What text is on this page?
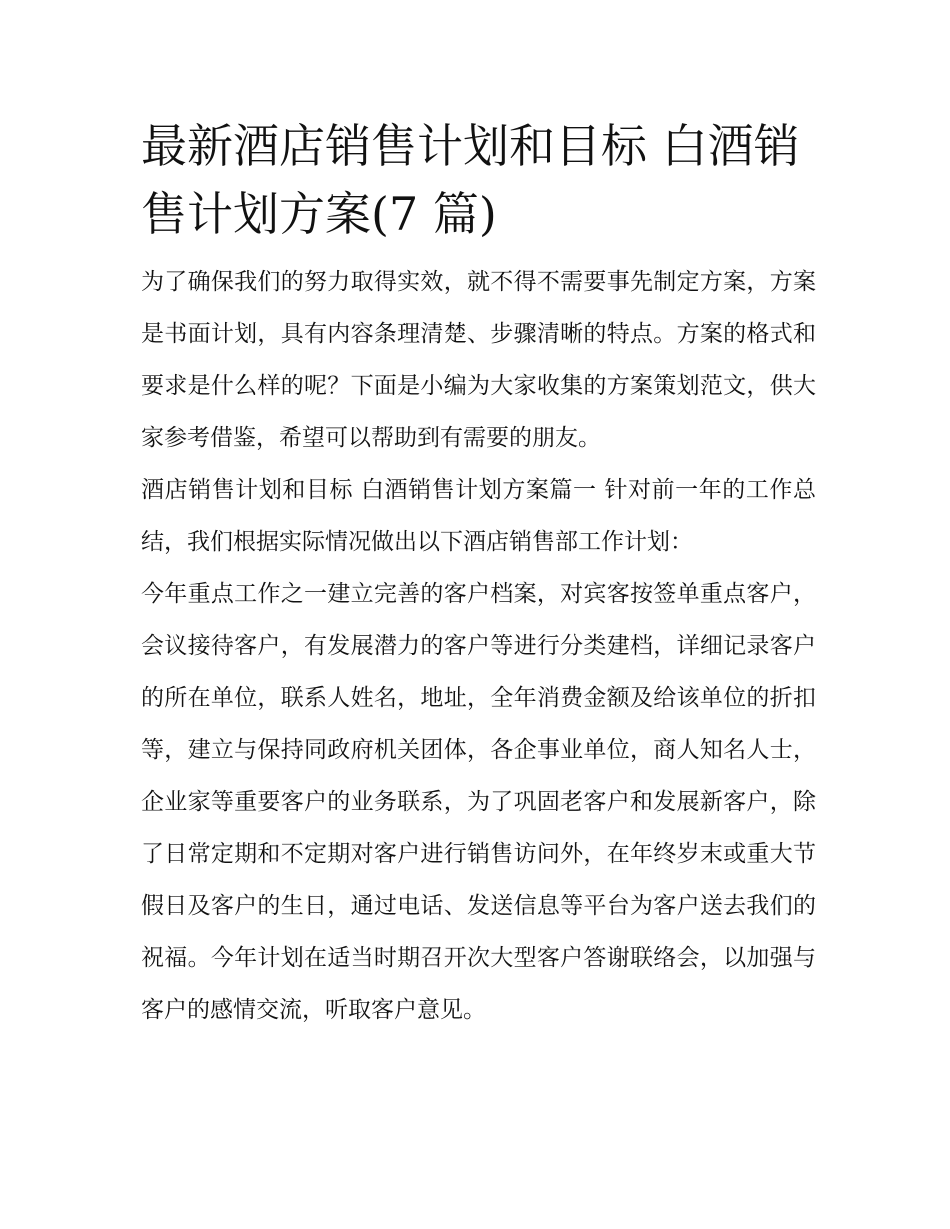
最新酒店销售计划和目标 白酒销售计划方案(7 篇)

为了确保我们的努力取得实效，就不得不需要事先制定方案，方案是书面计划，具有内容条理清楚、步骤清晰的特点。方案的格式和要求是什么样的呢？下面是小编为大家收集的方案策划范文，供大家参考借鉴，希望可以帮助到有需要的朋友。

酒店销售计划和目标 白酒销售计划方案篇一 针对前一年的工作总结，我们根据实际情况做出以下酒店销售部工作计划：

今年重点工作之一建立完善的客户档案，对宾客按签单重点客户，会议接待客户，有发展潜力的客户等进行分类建档，详细记录客户的所在单位，联系人姓名，地址，全年消费金额及给该单位的折扣等，建立与保持同政府机关团体，各企事业单位，商人知名人士，企业家等重要客户的业务联系，为了巩固老客户和发展新客户，除了日常定期和不定期对客户进行销售访问外，在年终岁末或重大节假日及客户的生日，通过电话、发送信息等平台为客户送去我们的祝福。今年计划在适当时期召开次大型客户答谢联络会，以加强与客户的感情交流，听取客户意见。
